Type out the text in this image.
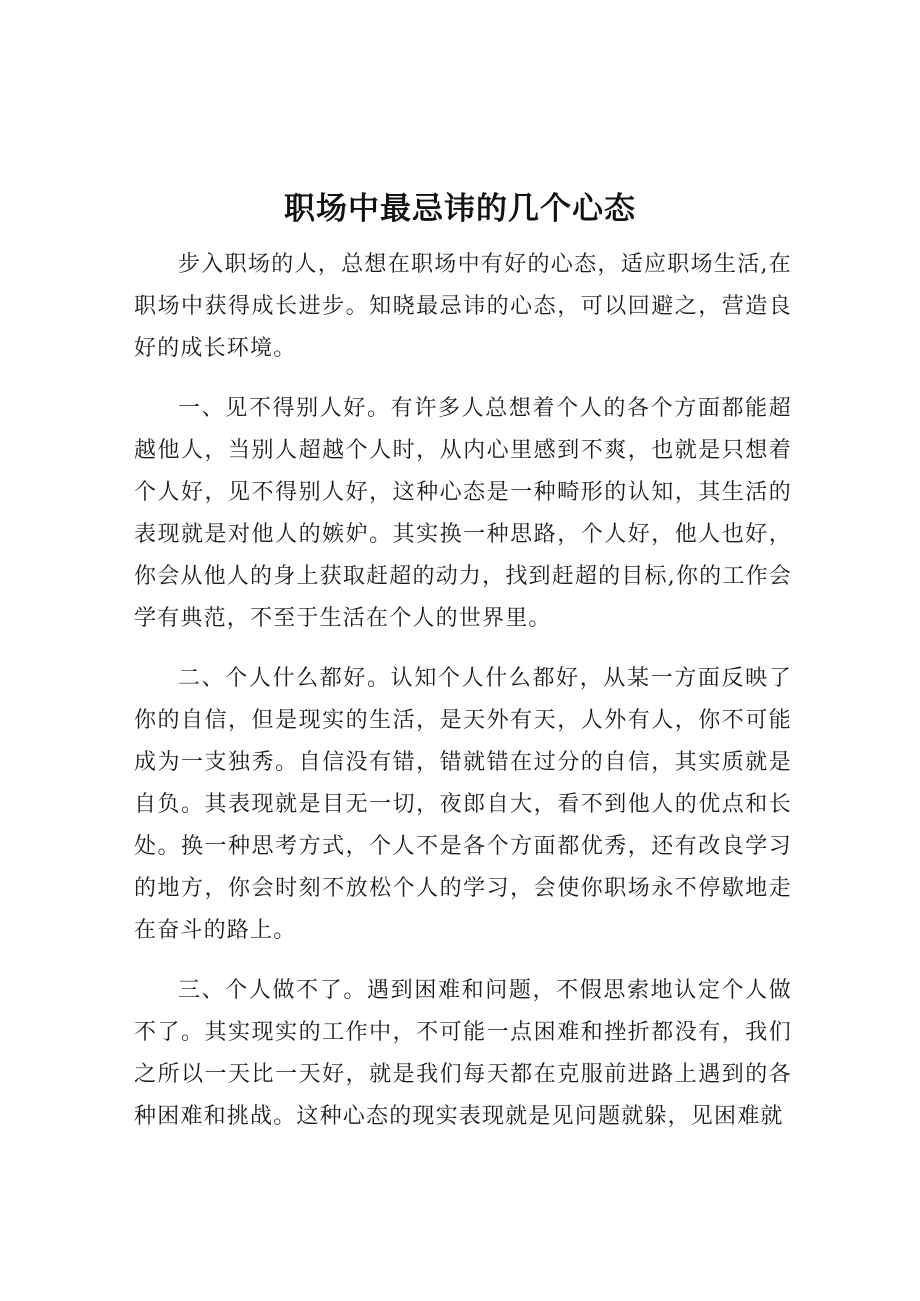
职场中最忌讳的几个心态

步入职场的人，总想在职场中有好的心态，适应职场生活,在职场中获得成长进步。知晓最忌讳的心态，可以回避之，营造良好的成长环境。

一、见不得别人好。有许多人总想着个人的各个方面都能超越他人，当别人超越个人时，从内心里感到不爽，也就是只想着个人好，见不得别人好，这种心态是一种畸形的认知，其生活的表现就是对他人的嫉妒。其实换一种思路，个人好，他人也好，你会从他人的身上获取赶超的动力，找到赶超的目标,你的工作会学有典范，不至于生活在个人的世界里。

二、个人什么都好。认知个人什么都好，从某一方面反映了你的自信，但是现实的生活，是天外有天，人外有人，你不可能成为一支独秀。自信没有错，错就错在过分的自信，其实质就是自负。其表现就是目无一切，夜郎自大，看不到他人的优点和长处。换一种思考方式，个人不是各个方面都优秀，还有改良学习的地方，你会时刻不放松个人的学习，会使你职场永不停歇地走在奋斗的路上。

三、个人做不了。遇到困难和问题，不假思索地认定个人做不了。其实现实的工作中，不可能一点困难和挫折都没有，我们之所以一天比一天好，就是我们每天都在克服前进路上遇到的各种困难和挑战。这种心态的现实表现就是见问题就躲，见困难就
